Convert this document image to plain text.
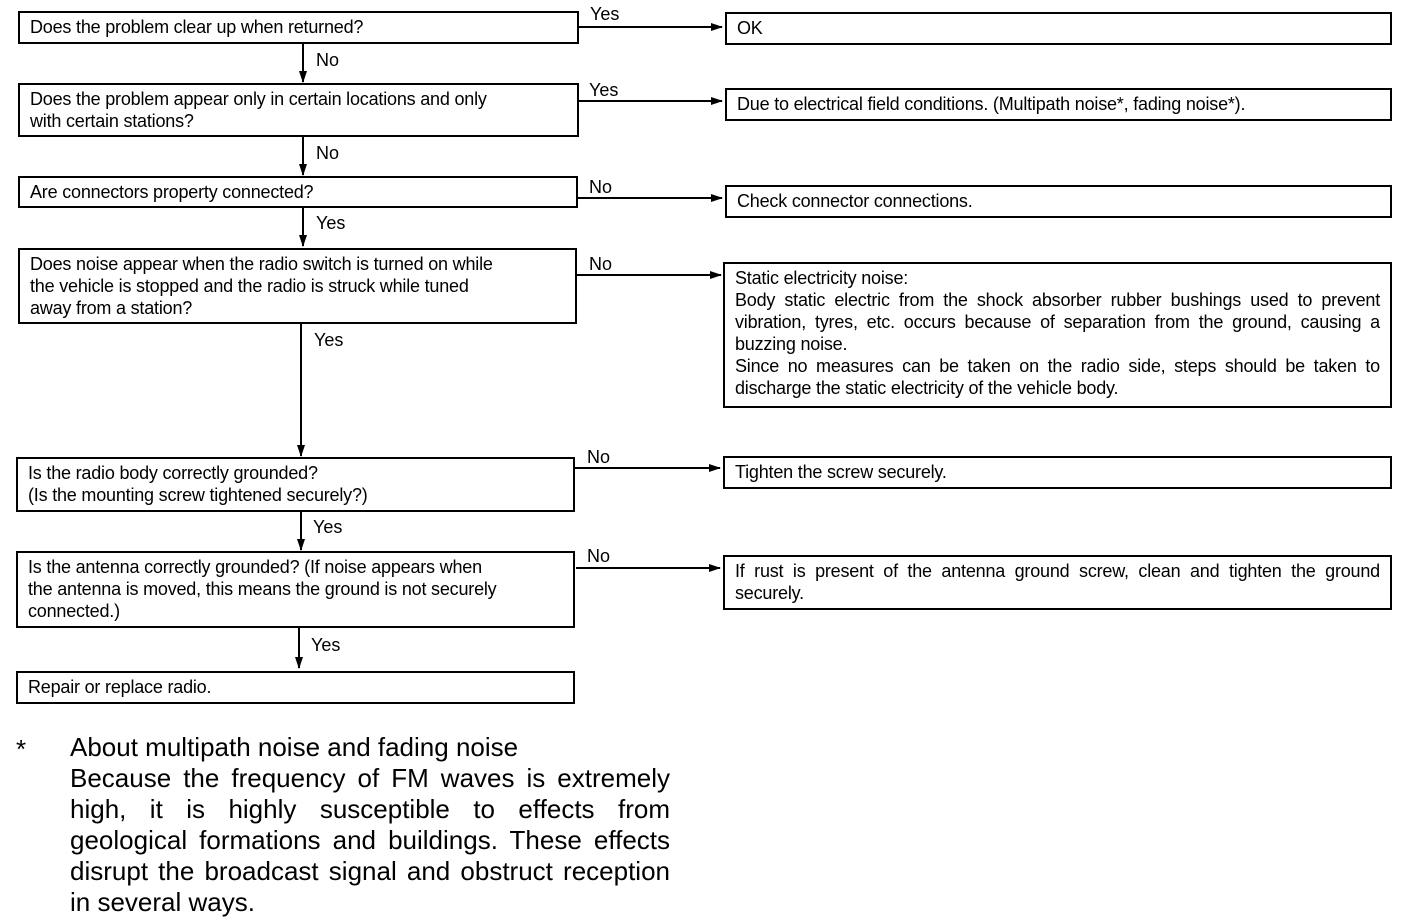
Does the problem clear up when returned?
Does the problem appear only in certain locations and only
with certain stations?
Are connectors property connected?
Does noise appear when the radio switch is turned on while
the vehicle is stopped and the radio is struck while tuned
away from a station?
Is the radio body correctly grounded?
(Is the mounting screw tightened securely?)
Is the antenna correctly grounded? (If noise appears when
the antenna is moved, this means the ground is not securely
connected.)
Repair or replace radio.
OK
Due to electrical field conditions. (Multipath noise*, fading noise*).
Check connector connections.
Static electricity noise:
Body static electric from the shock absorber rubber bushings used to prevent vibration, tyres, etc. occurs because of separation from the ground, causing a buzzing noise.
Since no measures can be taken on the radio side, steps should be taken to discharge the static electricity of the vehicle body.
Tighten the screw securely.
If rust is present of the antenna ground screw, clean and tighten the ground securely.
Yes
No
Yes
No
No
Yes
No
Yes
No
Yes
No
Yes
* About multipath noise and fading noise
Because the frequency of FM waves is extremely high, it is highly susceptible to effects from geological formations and buildings. These effects disrupt the broadcast signal and obstruct reception in several ways.
